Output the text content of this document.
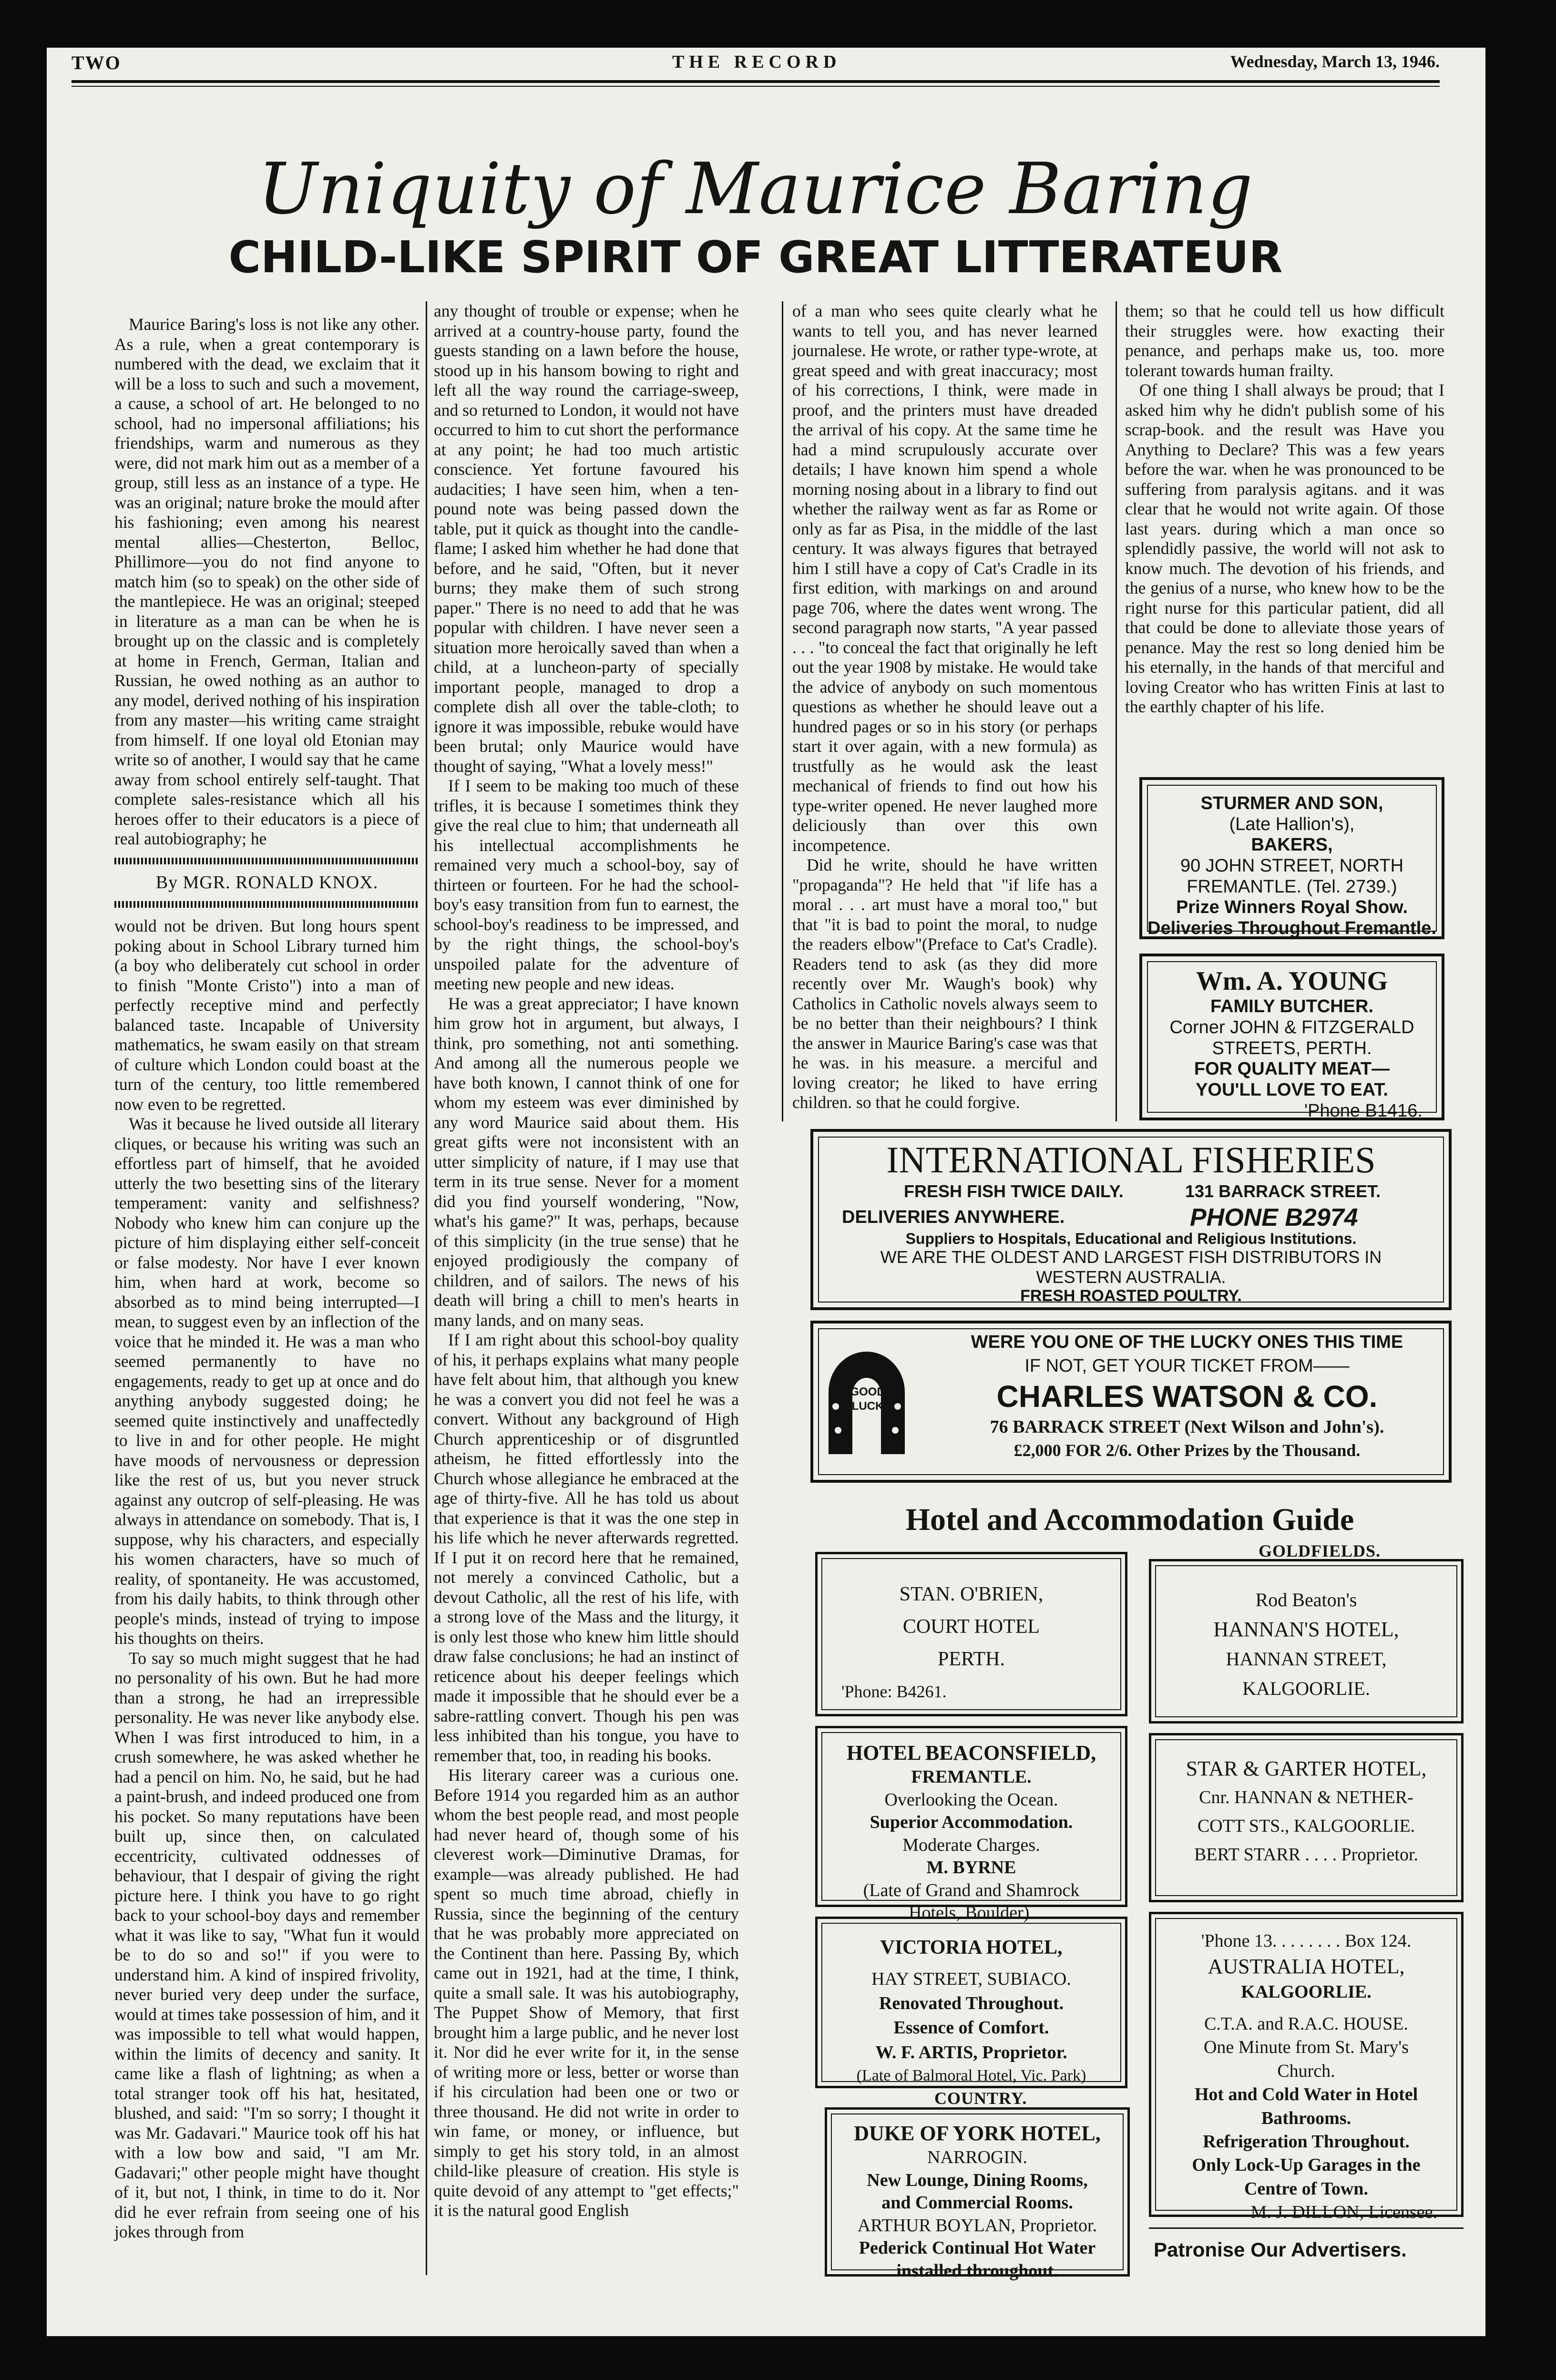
TWO	THE RECORD	Wednesday, March 13, 1946.
Uniquity of Maurice Baring
CHILD-LIKE SPIRIT OF GREAT LITTERATEUR

Maurice Baring's loss is not like any other. As a rule, when a great contemporary is numbered with the dead, we exclaim that it will be a loss to such and such a movement, a cause, a school of art. He belonged to no school, had no impersonal affiliations; his friendships, warm and numerous as they were, did not mark him out as a member of a group, still less as an instance of a type. He was an original; nature broke the mould after his fashioning; even among his nearest mental allies—Chesterton, Belloc, Phillimore—you do not find anyone to match him (so to speak) on the other side of the mantlepiece. He was an original; steeped in literature as a man can be when he is brought up on the classic and is completely at home in French, German, Italian and Russian, he owed nothing as an author to any model, derived nothing of his inspiration from any master—his writing came straight from himself. If one loyal old Etonian may write so of another, I would say that he came away from school entirely self-taught. That complete sales-resistance which all his heroes offer to their educators is a piece of real autobiography; he

By MGR. RONALD KNOX.

would not be driven. But long hours spent poking about in School Library turned him (a boy who deliberately cut school in order to finish "Monte Cristo") into a man of perfectly receptive mind and perfectly balanced taste. Incapable of University mathematics, he swam easily on that stream of culture which London could boast at the turn of the century, too little remembered now even to be regretted.

Was it because he lived outside all literary cliques, or because his writing was such an effortless part of himself, that he avoided utterly the two besetting sins of the literary temperament: vanity and selfishness? Nobody who knew him can conjure up the picture of him displaying either self-conceit or false modesty. Nor have I ever known him, when hard at work, become so absorbed as to mind being interrupted—I mean, to suggest even by an inflection of the voice that he minded it. He was a man who seemed permanently to have no engagements, ready to get up at once and do anything anybody suggested doing; he seemed quite instinctively and unaffectedly to live in and for other people. He might have moods of nervousness or depression like the rest of us, but you never struck against any outcrop of self-pleasing. He was always in attendance on somebody. That is, I suppose, why his characters, and especially his women characters, have so much of reality, of spontaneity. He was accustomed, from his daily habits, to think through other people's minds, instead of trying to impose his thoughts on theirs.

To say so much might suggest that he had no personality of his own. But he had more than a strong, he had an irrepressible personality. He was never like anybody else. When I was first introduced to him, in a crush somewhere, he was asked whether he had a pencil on him. No, he said, but he had a paint-brush, and indeed produced one from his pocket. So many reputations have been built up, since then, on calculated eccentricity, cultivated oddnesses of behaviour, that I despair of giving the right picture here. I think you have to go right back to your school-boy days and remember what it was like to say, "What fun it would be to do so and so!" if you were to understand him. A kind of inspired frivolity, never buried very deep under the surface, would at times take possession of him, and it was impossible to tell what would happen, within the limits of decency and sanity. It came like a flash of lightning; as when a total stranger took off his hat, hesitated, blushed, and said: "I'm so sorry; I thought it was Mr. Gadavari." Maurice took off his hat with a low bow and said, "I am Mr. Gadavari;" other people might have thought of it, but not, I think, in time to do it. Nor did he ever refrain from seeing one of his jokes through from

any thought of trouble or expense; when he arrived at a country-house party, found the guests standing on a lawn before the house, stood up in his hansom bowing to right and left all the way round the carriage-sweep, and so returned to London, it would not have occurred to him to cut short the performance at any point; he had too much artistic conscience. Yet fortune favoured his audacities; I have seen him, when a ten-pound note was being passed down the table, put it quick as thought into the candle-flame; I asked him whether he had done that before, and he said, "Often, but it never burns; they make them of such strong paper." There is no need to add that he was popular with children. I have never seen a situation more heroically saved than when a child, at a luncheon-party of specially important people, managed to drop a complete dish all over the table-cloth; to ignore it was impossible, rebuke would have been brutal; only Maurice would have thought of saying, "What a lovely mess!"

If I seem to be making too much of these trifles, it is because I sometimes think they give the real clue to him; that underneath all his intellectual accomplishments he remained very much a school-boy, say of thirteen or fourteen. For he had the school-boy's easy transition from fun to earnest, the school-boy's readiness to be impressed, and by the right things, the school-boy's unspoiled palate for the adventure of meeting new people and new ideas.

He was a great appreciator; I have known him grow hot in argument, but always, I think, pro something, not anti something. And among all the numerous people we have both known, I cannot think of one for whom my esteem was ever diminished by any word Maurice said about them. His great gifts were not inconsistent with an utter simplicity of nature, if I may use that term in its true sense. Never for a moment did you find yourself wondering, "Now, what's his game?" It was, perhaps, because of this simplicity (in the true sense) that he enjoyed prodigiously the company of children, and of sailors. The news of his death will bring a chill to men's hearts in many lands, and on many seas.

If I am right about this school-boy quality of his, it perhaps explains what many people have felt about him, that although you knew he was a convert you did not feel he was a convert. Without any background of High Church apprenticeship or of disgruntled atheism, he fitted effortlessly into the Church whose allegiance he embraced at the age of thirty-five. All he has told us about that experience is that it was the one step in his life which he never afterwards regretted. If I put it on record here that he remained, not merely a convinced Catholic, but a devout Catholic, all the rest of his life, with a strong love of the Mass and the liturgy, it is only lest those who knew him little should draw false conclusions; he had an instinct of reticence about his deeper feelings which made it impossible that he should ever be a sabre-rattling convert. Though his pen was less inhibited than his tongue, you have to remember that, too, in reading his books.

His literary career was a curious one. Before 1914 you regarded him as an author whom the best people read, and most people had never heard of, though some of his cleverest work—Diminutive Dramas, for example—was already published. He had spent so much time abroad, chiefly in Russia, since the beginning of the century that he was probably more appreciated on the Continent than here. Passing By, which came out in 1921, had at the time, I think, quite a small sale. It was his autobiography, The Puppet Show of Memory, that first brought him a large public, and he never lost it. Nor did he ever write for it, in the sense of writing more or less, better or worse than if his circulation had been one or two or three thousand. He did not write in order to win fame, or money, or influence, but simply to get his story told, in an almost child-like pleasure of creation. His style is quite devoid of any attempt to "get effects;" it is the natural good English

of a man who sees quite clearly what he wants to tell you, and has never learned journalese. He wrote, or rather type-wrote, at great speed and with great inaccuracy; most of his corrections, I think, were made in proof, and the printers must have dreaded the arrival of his copy. At the same time he had a mind scrupulously accurate over details; I have known him spend a whole morning nosing about in a library to find out whether the railway went as far as Rome or only as far as Pisa, in the middle of the last century. It was always figures that betrayed him I still have a copy of Cat's Cradle in its first edition, with markings on and around page 706, where the dates went wrong. The second paragraph now starts, "A year passed . . . "to conceal the fact that originally he left out the year 1908 by mistake. He would take the advice of anybody on such momentous questions as whether he should leave out a hundred pages or so in his story (or perhaps start it over again, with a new formula) as trustfully as he would ask the least mechanical of friends to find out how his type-writer opened. He never laughed more deliciously than over this own incompetence.

Did he write, should he have written "propaganda"? He held that "if life has a moral . . . art must have a moral too," but that "it is bad to point the moral, to nudge the readers elbow"(Preface to Cat's Cradle). Readers tend to ask (as they did more recently over Mr. Waugh's book) why Catholics in Catholic novels always seem to be no better than their neighbours? I think the answer in Maurice Baring's case was that he was. in his measure. a merciful and loving creator; he liked to have erring children. so that he could forgive.

them; so that he could tell us how difficult their struggles were. how exacting their penance, and perhaps make us, too. more tolerant towards human frailty.

Of one thing I shall always be proud; that I asked him why he didn't publish some of his scrap-book. and the result was Have you Anything to Declare? This was a few years before the war. when he was pronounced to be suffering from paralysis agitans. and it was clear that he would not write again. Of those last years. during which a man once so splendidly passive, the world will not ask to know much. The devotion of his friends, and the genius of a nurse, who knew how to be the right nurse for this particular patient, did all that could be done to alleviate those years of penance. May the rest so long denied him be his eternally, in the hands of that merciful and loving Creator who has written Finis at last to the earthly chapter of his life.

STURMER AND SON,
(Late Hallion's),
BAKERS,
90 JOHN STREET, NORTH
FREMANTLE. (Tel. 2739.)
Prize Winners Royal Show.
Deliveries Throughout Fremantle.
Wm. A. YOUNG
FAMILY BUTCHER.
Corner JOHN & FITZGERALD
STREETS, PERTH.
FOR QUALITY MEAT—
YOU'LL LOVE TO EAT.
'Phone B1416.
INTERNATIONAL FISHERIES
FRESH FISH TWICE DAILY.	131 BARRACK STREET.
DELIVERIES ANYWHERE.	PHONE B2974
Suppliers to Hospitals, Educational and Religious Institutions.
WE ARE THE OLDEST AND LARGEST FISH DISTRIBUTORS IN
WESTERN AUSTRALIA.
FRESH ROASTED POULTRY.
GOOD
LUCK
WERE YOU ONE OF THE LUCKY ONES THIS TIME
IF NOT, GET YOUR TICKET FROM——
CHARLES WATSON & CO.
76 BARRACK STREET (Next Wilson and John's).
£2,000 FOR 2/6. Other Prizes by the Thousand.
Hotel and Accommodation Guide
GOLDFIELDS.
STAN. O'BRIEN,
COURT HOTEL
PERTH.
'Phone: B4261.
HOTEL BEACONSFIELD,
FREMANTLE.
Overlooking the Ocean.
Superior Accommodation.
Moderate Charges.
M. BYRNE
(Late of Grand and Shamrock
Hotels, Boulder).
VICTORIA HOTEL,
HAY STREET, SUBIACO.
Renovated Throughout.
Essence of Comfort.
W. F. ARTIS, Proprietor.
(Late of Balmoral Hotel, Vic. Park)
COUNTRY.
DUKE OF YORK HOTEL,
NARROGIN.
New Lounge, Dining Rooms,
and Commercial Rooms.
ARTHUR BOYLAN, Proprietor.
Pederick Continual Hot Water
installed throughout.
Rod Beaton's
HANNAN'S HOTEL,
HANNAN STREET,
KALGOORLIE.
STAR & GARTER HOTEL,
Cnr. HANNAN & NETHER-
COTT STS., KALGOORLIE.
BERT STARR . . . . Proprietor.
'Phone 13. . . . . . . . Box 124.
AUSTRALIA HOTEL,
KALGOORLIE.
C.T.A. and R.A.C. HOUSE.
One Minute from St. Mary's
Church.
Hot and Cold Water in Hotel
Bathrooms.
Refrigeration Throughout.
Only Lock-Up Garages in the
Centre of Town.
M. J. DILLON, Licensee.
Patronise Our Advertisers.
